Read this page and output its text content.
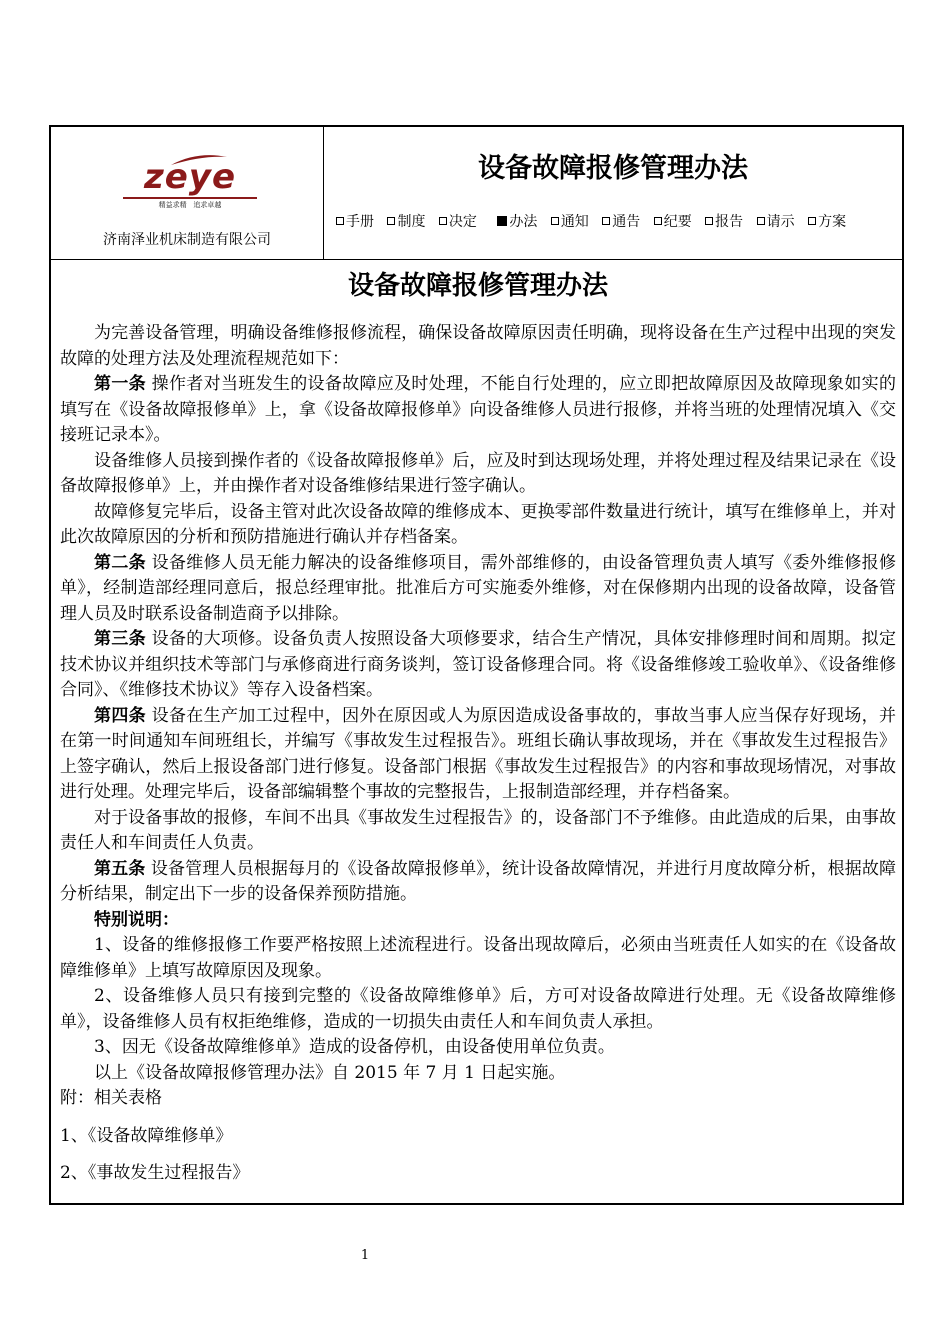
zeye
精益求精   追求卓越
济南泽业机床制造有限公司
设备故障报修管理办法
手册 制度 决定 办法 通知 通告 纪要 报告 请示 方案
设备故障报修管理办法

为完善设备管理，明确设备维修报修流程，确保设备故障原因责任明确，现将设备在生产过程中出现的突发故障的处理方法及处理流程规范如下：

第一条 操作者对当班发生的设备故障应及时处理，不能自行处理的，应立即把故障原因及故障现象如实的填写在《设备故障报修单》上，拿《设备故障报修单》向设备维修人员进行报修，并将当班的处理情况填入《交接班记录本》。

设备维修人员接到操作者的《设备故障报修单》后，应及时到达现场处理，并将处理过程及结果记录在《设备故障报修单》上，并由操作者对设备维修结果进行签字确认。

故障修复完毕后，设备主管对此次设备故障的维修成本、更换零部件数量进行统计，填写在维修单上，并对此次故障原因的分析和预防措施进行确认并存档备案。

第二条 设备维修人员无能力解决的设备维修项目，需外部维修的，由设备管理负责人填写《委外维修报修单》，经制造部经理同意后，报总经理审批。批准后方可实施委外维修，对在保修期内出现的设备故障，设备管理人员及时联系设备制造商予以排除。

第三条 设备的大项修。设备负责人按照设备大项修要求，结合生产情况，具体安排修理时间和周期。拟定技术协议并组织技术等部门与承修商进行商务谈判，签订设备修理合同。将《设备维修竣工验收单》、《设备维修合同》、《维修技术协议》等存入设备档案。

第四条 设备在生产加工过程中，因外在原因或人为原因造成设备事故的，事故当事人应当保存好现场，并在第一时间通知车间班组长，并编写《事故发生过程报告》。班组长确认事故现场，并在《事故发生过程报告》上签字确认，然后上报设备部门进行修复。设备部门根据《事故发生过程报告》的内容和事故现场情况，对事故进行处理。处理完毕后，设备部编辑整个事故的完整报告，上报制造部经理，并存档备案。

对于设备事故的报修，车间不出具《事故发生过程报告》的，设备部门不予维修。由此造成的后果，由事故责任人和车间责任人负责。

第五条 设备管理人员根据每月的《设备故障报修单》，统计设备故障情况，并进行月度故障分析，根据故障分析结果，制定出下一步的设备保养预防措施。

特别说明：

1、设备的维修报修工作要严格按照上述流程进行。设备出现故障后，必须由当班责任人如实的在《设备故障维修单》上填写故障原因及现象。

2、设备维修人员只有接到完整的《设备故障维修单》后，方可对设备故障进行处理。无《设备故障维修单》，设备维修人员有权拒绝维修，造成的一切损失由责任人和车间负责人承担。

3、因无《设备故障维修单》造成的设备停机，由设备使用单位负责。

以上《设备故障报修管理办法》自 2015 年 7 月 1 日起实施。

附：相关表格

1、《设备故障维修单》

2、《事故发生过程报告》

1
